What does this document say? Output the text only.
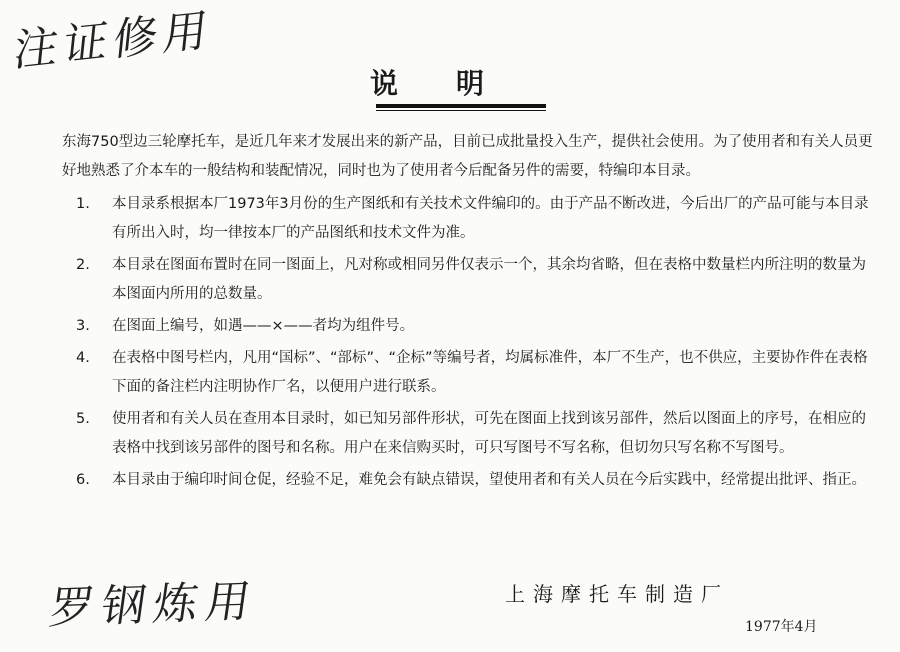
注证修用
说明

东海750型边三轮摩托车，是近几年来才发展出来的新产品，目前已成批量投入生产，提供社会使用。为了使用者和有关人员更好地熟悉了介本车的一般结构和装配情况，同时也为了使用者今后配备另件的需要，特编印本目录。

1.	本目录系根据本厂1973年3月份的生产图纸和有关技术文件编印的。由于产品不断改进，今后出厂的产品可能与本目录有所出入时，均一律按本厂的产品图纸和技术文件为准。
2.	本目录在图面布置时在同一图面上，凡对称或相同另件仅表示一个，其余均省略，但在表格中数量栏内所注明的数量为本图面内所用的总数量。
3.	在图面上编号，如遇——×——者均为组件号。
4.	在表格中图号栏内，凡用“国标”、“部标”、“企标”等编号者，均属标准件，本厂不生产，也不供应，主要协作件在表格下面的备注栏内注明协作厂名，以便用户进行联系。
5.	使用者和有关人员在查用本目录时，如已知另部件形状，可先在图面上找到该另部件，然后以图面上的序号，在相应的表格中找到该另部件的图号和名称。用户在来信购买时，可只写图号不写名称，但切勿只写名称不写图号。
6.	本目录由于编印时间仓促，经验不足，难免会有缺点错误，望使用者和有关人员在今后实践中，经常提出批评、指正。
罗钢炼用	上海摩托车制造厂
1977年4月
